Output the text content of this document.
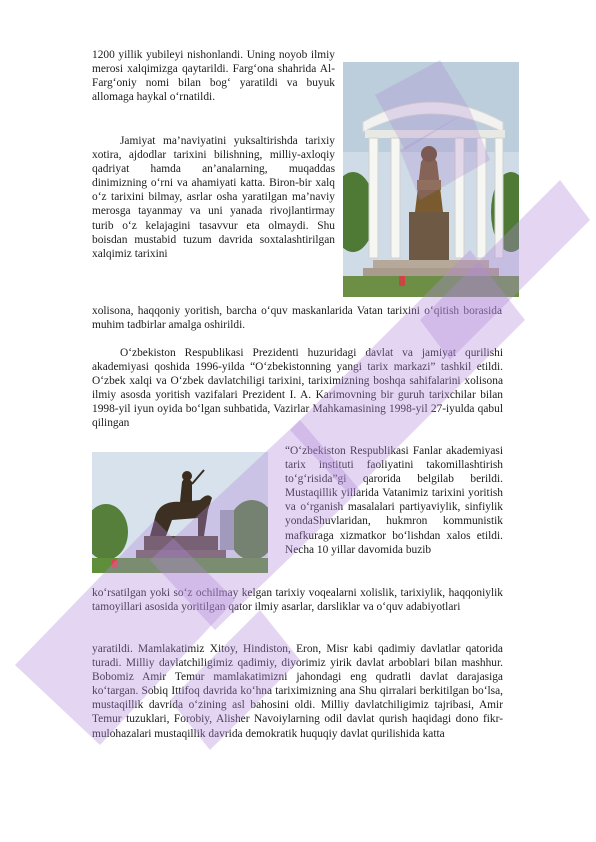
1200 yillik yubileyi nishonlandi. Uning noyob ilmiy merosi xalqimizga qaytarildi. Farg‘ona shahrida Al-Farg‘oniy nomi bilan bog‘ yaratildi va buyuk allomaga haykal o‘rnatildi.

Jamiyat ma’naviyatini yuksaltirishda tarixiy xotira, ajdodlar tarixini bilishning, milliy-axloqiy qadriyat hamda an’analarning, muqaddas dinimizning o‘rni va ahamiyati katta. Biron-bir xalq o‘z tarixini bilmay, asrlar osha yaratilgan ma’naviy merosga tayanmay va uni yanada rivojlantirmay turib o‘z kelajagini tasavvur eta olmaydi. Shu boisdan mustabid tuzum davrida soxtalashtirilgan xalqimiz tarixini

xolisona, haqqoniy yoritish, barcha o‘quv maskanlarida Vatan tarixini o‘qitish borasida muhim tadbirlar amalga oshirildi.

O‘zbekiston Respublikasi Prezidenti huzuridagi davlat va jamiyat qurilishi akademiyasi qoshida 1996-yilda “O‘zbekistonning yangi tarix markazi” tashkil etildi. O‘zbek xalqi va O‘zbek davlatchiligi tarixini, tariximizning boshqa sahifalarini xolisona ilmiy asosda yoritish vazifalari Prezident I. A. Karimovning bir guruh tarixchilar bilan 1998-yil iyun oyida bo‘lgan suhbatida, Vazirlar Mahkamasining 1998-yil 27-iyulda qabul qilingan

“O‘zbekiston Respublikasi Fanlar akademiyasi tarix instituti faoliyatini takomillashtirish to‘g‘risida”gi qarorida belgilab berildi. Mustaqillik yillarida Vatanimiz tarixini yoritish va o‘rganish masalalari partiyaviylik, sinfiylik yondaShuvlaridan, hukmron kommunistik mafkuraga xizmatkor bo‘lishdan xalos etildi. Necha 10 yillar davomida buzib

ko‘rsatilgan yoki so‘z ochilmay kelgan tarixiy voqealarni xolislik, tarixiylik, haqqoniylik tamoyillari asosida yoritilgan qator ilmiy asarlar, darsliklar va o‘quv adabiyotlari

yaratildi. Mamlakatimiz Xitoy, Hindiston, Eron, Misr kabi qadimiy davlatlar qatorida turadi. Milliy davlatchiligimiz qadimiy, diyorimiz yirik davlat arboblari bilan mashhur. Bobomiz Amir Temur mamlakatimizni jahondagi eng qudratli davlat darajasiga ko‘targan. Sobiq Ittifoq davrida ko‘hna tariximizning ana Shu qirralari berkitilgan bo‘lsa, mustaqillik davrida o‘zining asl bahosini oldi. Milliy davlatchiligimiz tajribasi, Amir Temur tuzuklari, Forobiy, Alisher Navoiylarning odil davlat qurish haqidagi dono fikr-mulohazalari mustaqillik davrida demokratik huquqiy davlat qurilishida katta
